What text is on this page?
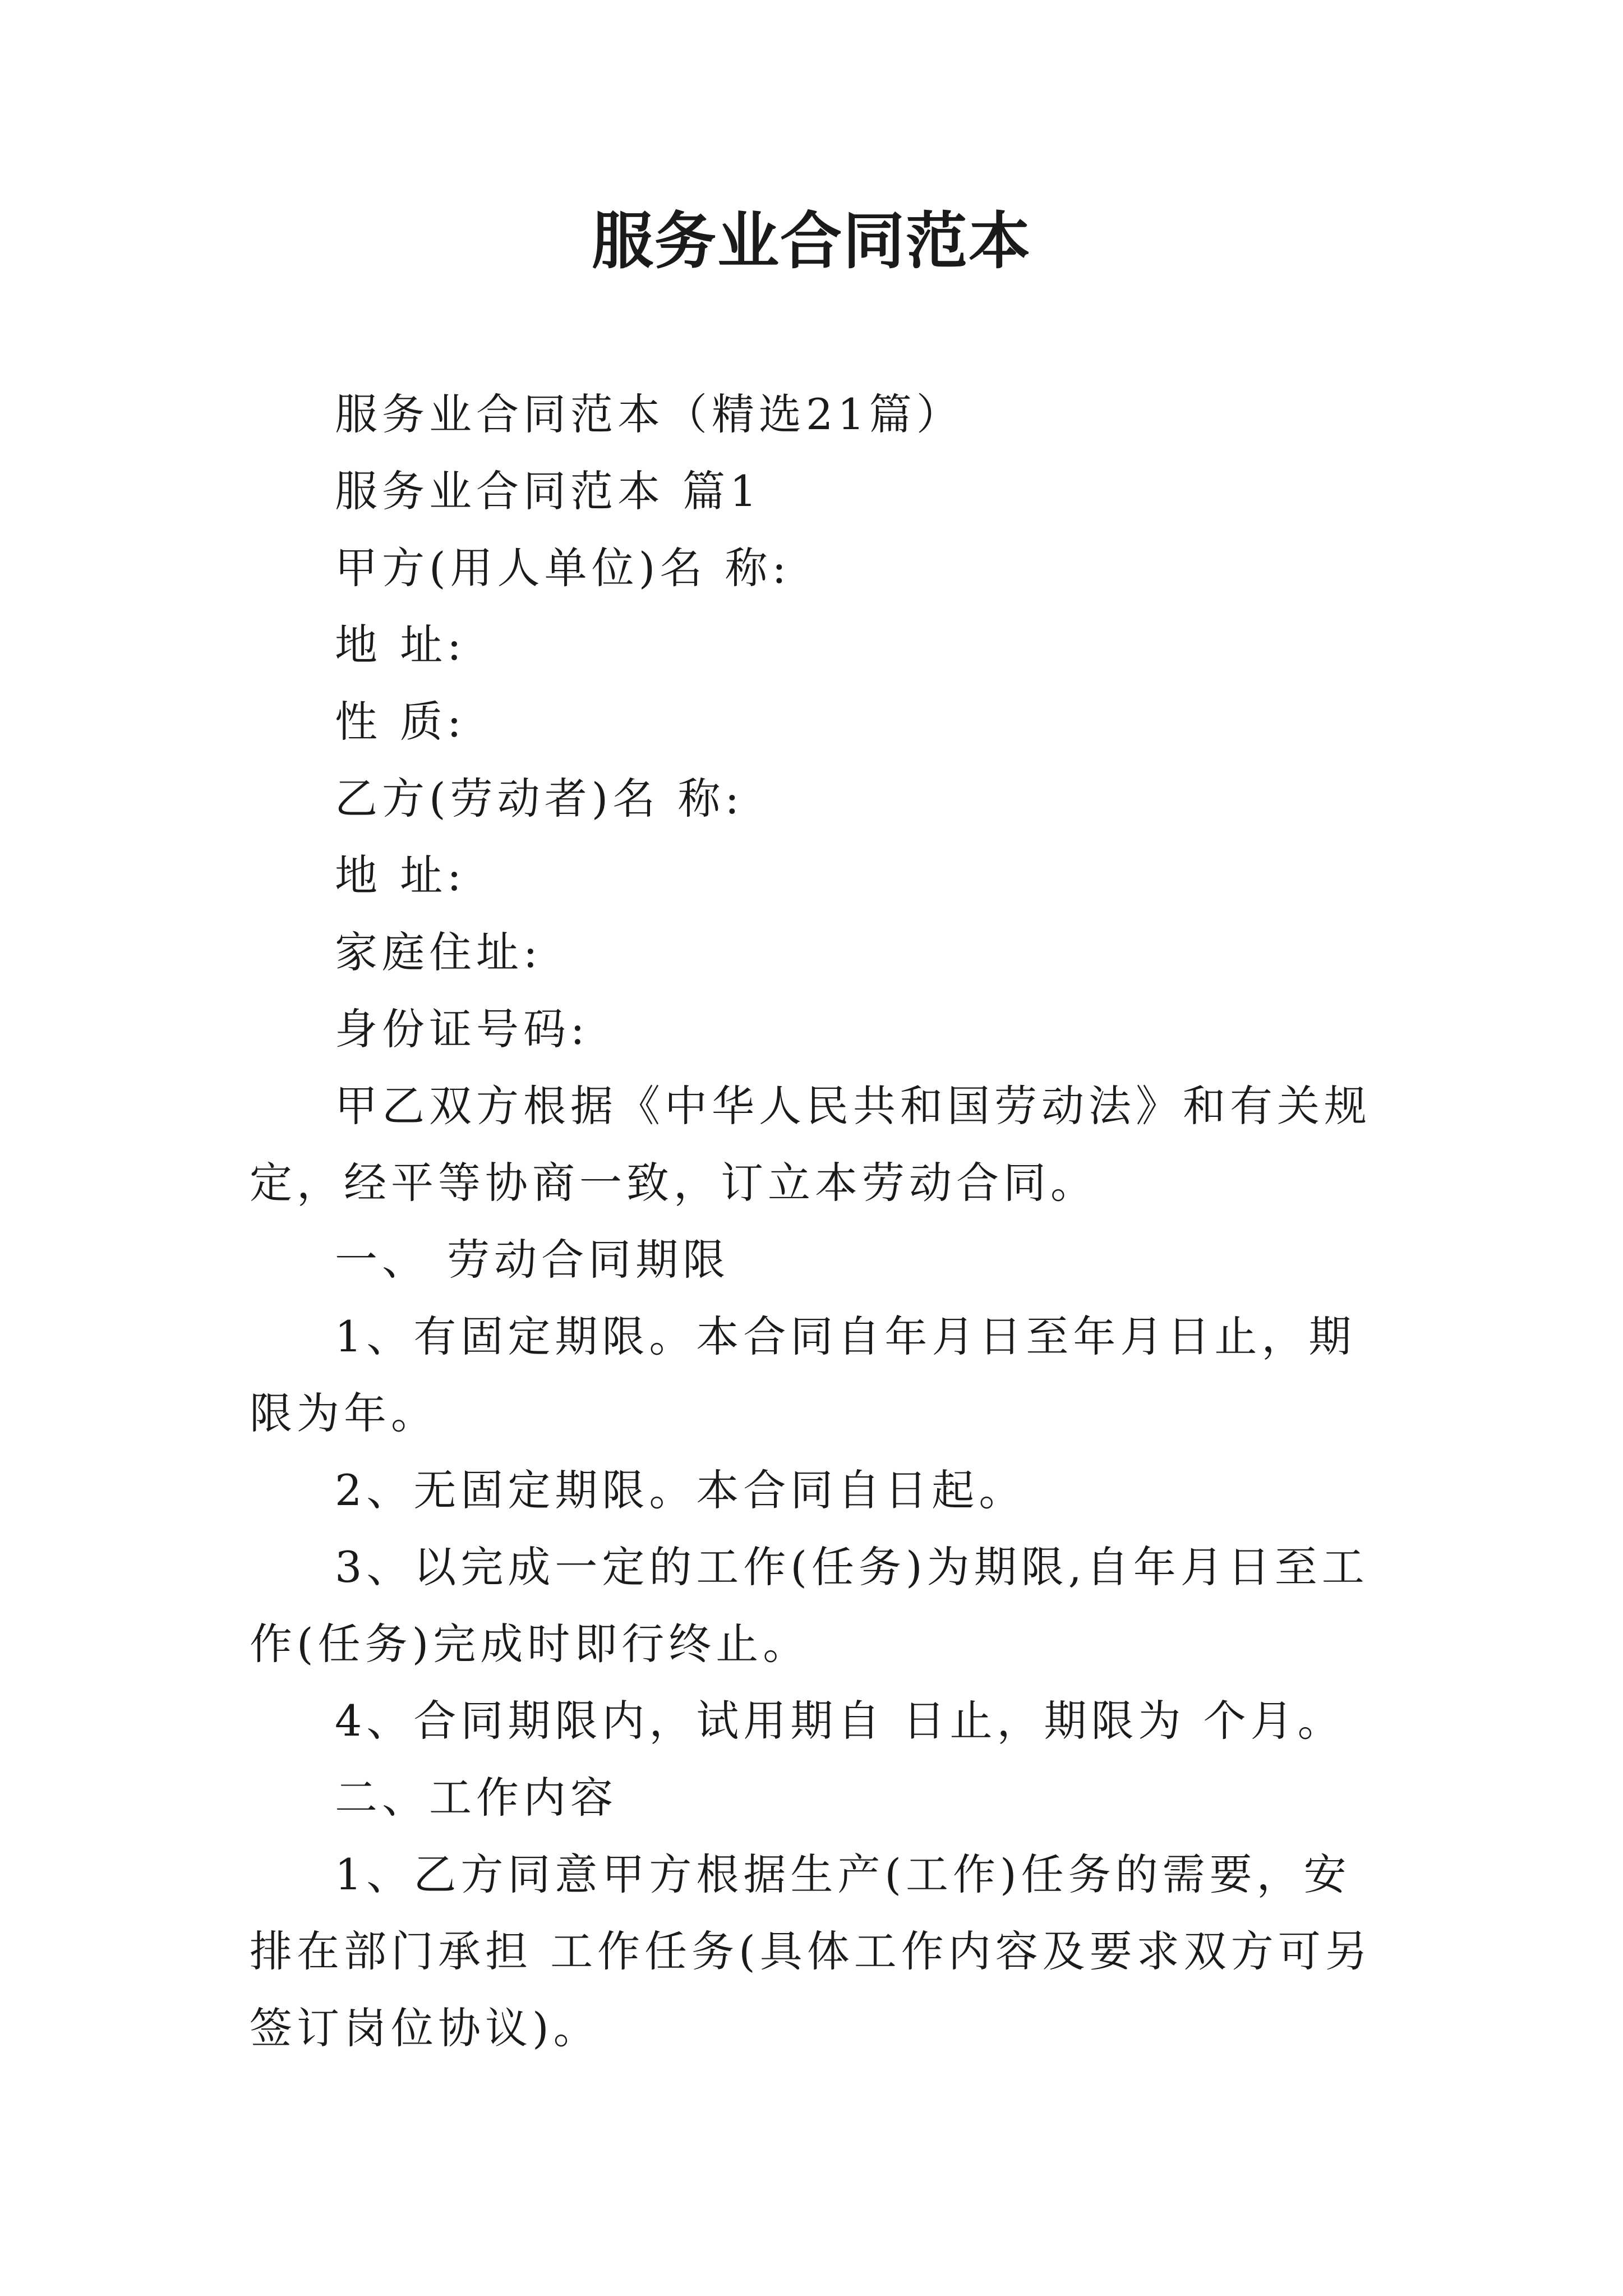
服务业合同范本

服务业合同范本（精选21篇）

服务业合同范本 篇1

甲方(用人单位)名 称:

地 址:

性 质:

乙方(劳动者)名 称:

地 址:

家庭住址:

身份证号码:

甲乙双方根据《中华人民共和国劳动法》和有关规定，经平等协商一致，订立本劳动合同。

一、 劳动合同期限

1、有固定期限。本合同自年月日至年月日止，期限为年。

2、无固定期限。本合同自日起。

3、以完成一定的工作(任务)为期限,自年月日至工作(任务)完成时即行终止。

4、合同期限内，试用期自 日止，期限为 个月。

二、工作内容

1、乙方同意甲方根据生产(工作)任务的需要，安排在部门承担 工作任务(具体工作内容及要求双方可另签订岗位协议)。
